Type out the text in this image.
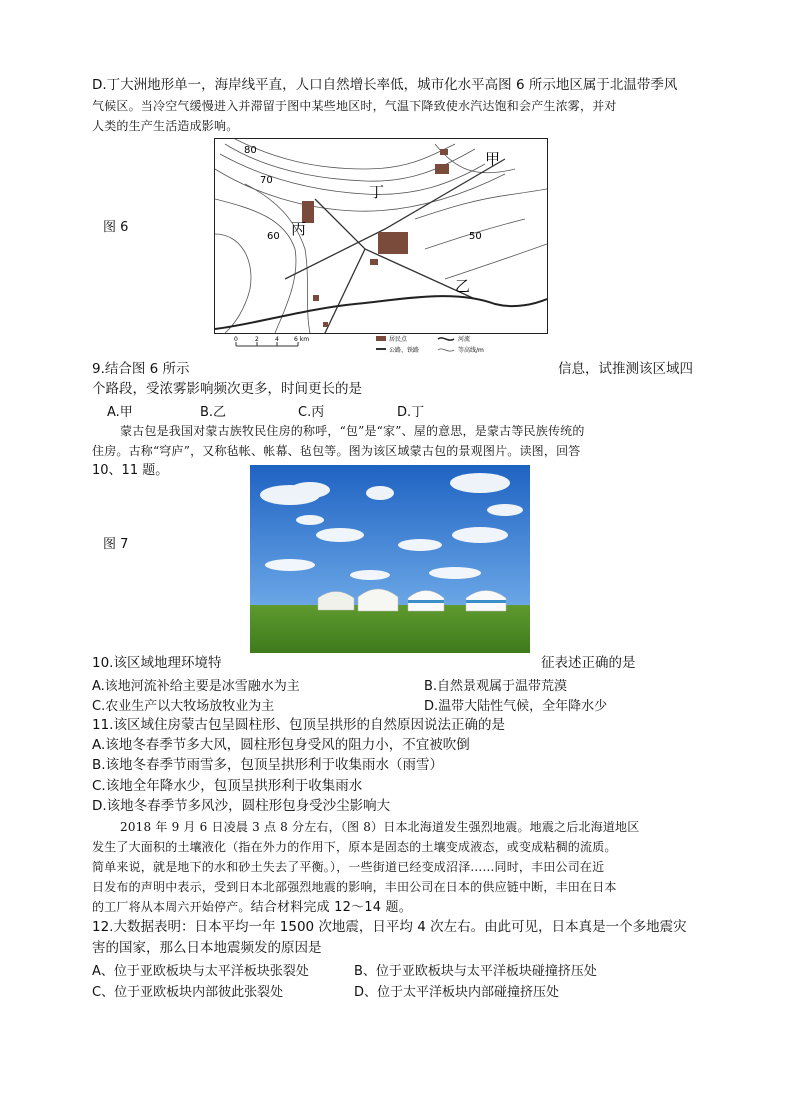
D.丁大洲地形单一，海岸线平直，人口自然增长率低，城市化水平高图 6 所示地区属于北温带季风
气候区。当冷空气缓慢进入并滞留于图中某些地区时，气温下降致使水汽达饱和会产生浓雾，并对
人类的生产生活造成影响。
图 6
80
70
60	50
甲
乙
丙
丁
0	2	4	6 km	居民点	河流
公路、铁路	等高线/m
9.结合图 6 所示	信息，试推测该区域四
个路段，受浓雾影响频次更多，时间更长的是
A.甲	B.乙	C.丙	D.丁
蒙古包是我国对蒙古族牧民住房的称呼，“包”是“家”、屋的意思，是蒙古等民族传统的
住房。古称“穹庐”，又称毡帐、帐幕、毡包等。图为该区域蒙古包的景观图片。读图，回答
10、11 题。
图 7
10.该区域地理环境特	征表述正确的是
A.该地河流补给主要是冰雪融水为主	B.自然景观属于温带荒漠
C.农业生产以大牧场放牧业为主	D.温带大陆性气候，全年降水少
11.该区域住房蒙古包呈圆柱形、包顶呈拱形的自然原因说法正确的是
A.该地冬春季节多大风，圆柱形包身受风的阻力小，不宜被吹倒
B.该地冬春季节雨雪多，包顶呈拱形利于收集雨水（雨雪）
C.该地全年降水少，包顶呈拱形利于收集雨水
D.该地冬春季节多风沙，圆柱形包身受沙尘影响大
2018 年 9 月 6 日凌晨 3 点 8 分左右，（图 8）日本北海道发生强烈地震。地震之后北海道地区
发生了大面积的土壤液化（指在外力的作用下，原本是固态的土壤变成液态，或变成粘稠的流质。
简单来说，就是地下的水和砂土失去了平衡。），一些街道已经变成沼泽......同时，丰田公司在近
日发布的声明中表示，受到日本北部强烈地震的影响，丰田公司在日本的供应链中断，丰田在日本
的工厂将从本周六开始停产。结合材料完成 12～14 题。
12.大数据表明：日本平均一年 1500 次地震，日平均 4 次左右。由此可见，日本真是一个多地震灾
害的国家，那么日本地震频发的原因是
A、位于亚欧板块与太平洋板块张裂处	B、位于亚欧板块与太平洋板块碰撞挤压处
C、位于亚欧板块内部彼此张裂处	D、位于太平洋板块内部碰撞挤压处
